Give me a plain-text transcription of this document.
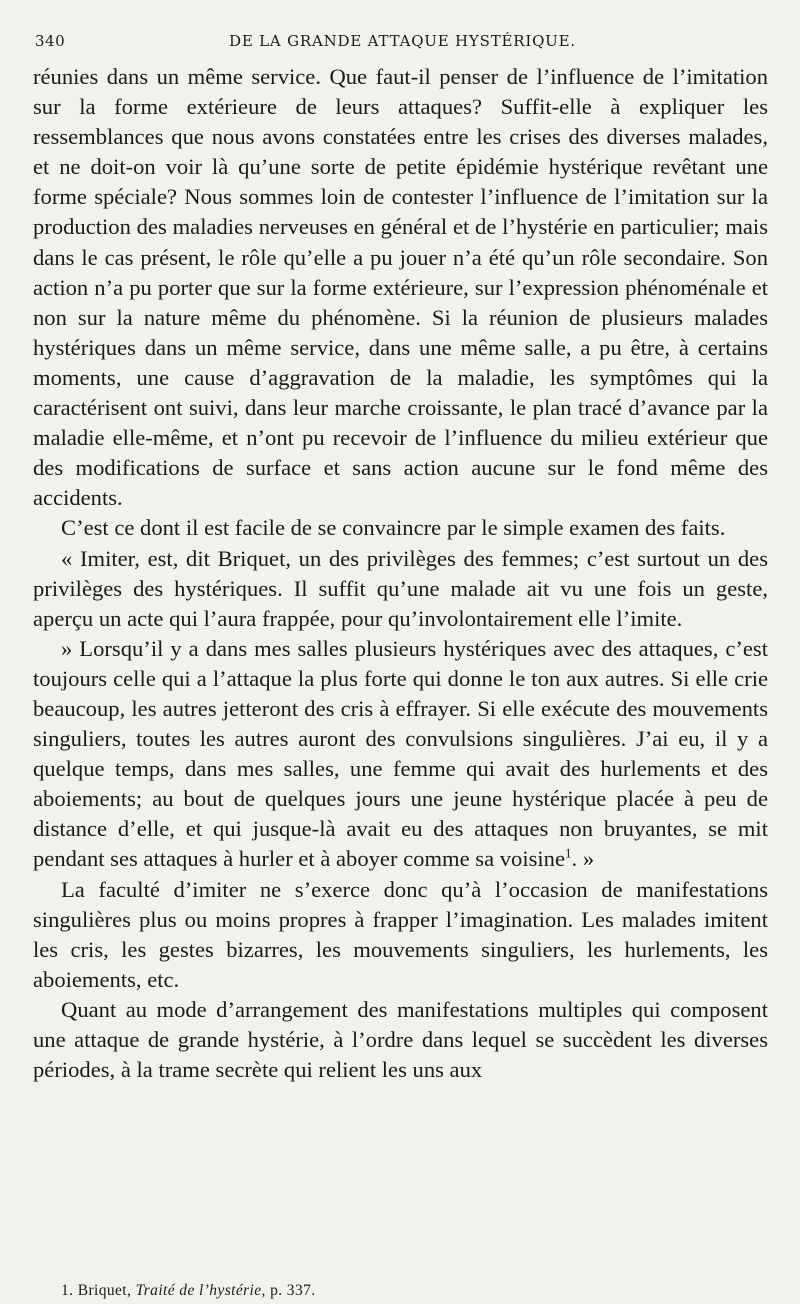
340	DE LA GRANDE ATTAQUE HYSTÉRIQUE.

réunies dans un même service. Que faut-il penser de l’influence de l’imitation sur la forme extérieure de leurs attaques? Suffit-elle à expliquer les ressemblances que nous avons constatées entre les crises des diverses malades, et ne doit-on voir là qu’une sorte de petite épidémie hystérique revêtant une forme spéciale? Nous sommes loin de contester l’influence de l’imitation sur la production des maladies nerveuses en général et de l’hystérie en particulier; mais dans le cas présent, le rôle qu’elle a pu jouer n’a été qu’un rôle secondaire. Son action n’a pu porter que sur la forme extérieure, sur l’expression phénoménale et non sur la nature même du phénomène. Si la réunion de plusieurs malades hystériques dans un même service, dans une même salle, a pu être, à certains moments, une cause d’aggravation de la maladie, les symptômes qui la caractérisent ont suivi, dans leur marche croissante, le plan tracé d’avance par la maladie elle-même, et n’ont pu recevoir de l’influence du milieu extérieur que des modifications de surface et sans action aucune sur le fond même des accidents.

C’est ce dont il est facile de se convaincre par le simple examen des faits.

« Imiter, est, dit Briquet, un des privilèges des femmes; c’est surtout un des privilèges des hystériques. Il suffit qu’une malade ait vu une fois un geste, aperçu un acte qui l’aura frappée, pour qu’involontairement elle l’imite.

» Lorsqu’il y a dans mes salles plusieurs hystériques avec des attaques, c’est toujours celle qui a l’attaque la plus forte qui donne le ton aux autres. Si elle crie beaucoup, les autres jetteront des cris à effrayer. Si elle exécute des mouvements singuliers, toutes les autres auront des convulsions singulières. J’ai eu, il y a quelque temps, dans mes salles, une femme qui avait des hurlements et des aboiements; au bout de quelques jours une jeune hystérique placée à peu de distance d’elle, et qui jusque-là avait eu des attaques non bruyantes, se mit pendant ses attaques à hurler et à aboyer comme sa voisine$^1$. »

La faculté d’imiter ne s’exerce donc qu’à l’occasion de manifestations singulières plus ou moins propres à frapper l’imagination. Les malades imitent les cris, les gestes bizarres, les mouvements singuliers, les hurlements, les aboiements, etc.

Quant au mode d’arrangement des manifestations multiples qui composent une attaque de grande hystérie, à l’ordre dans lequel se succèdent les diverses périodes, à la trame secrète qui relient les uns aux

1. Briquet, Traité de l’hystérie, p. 337.
